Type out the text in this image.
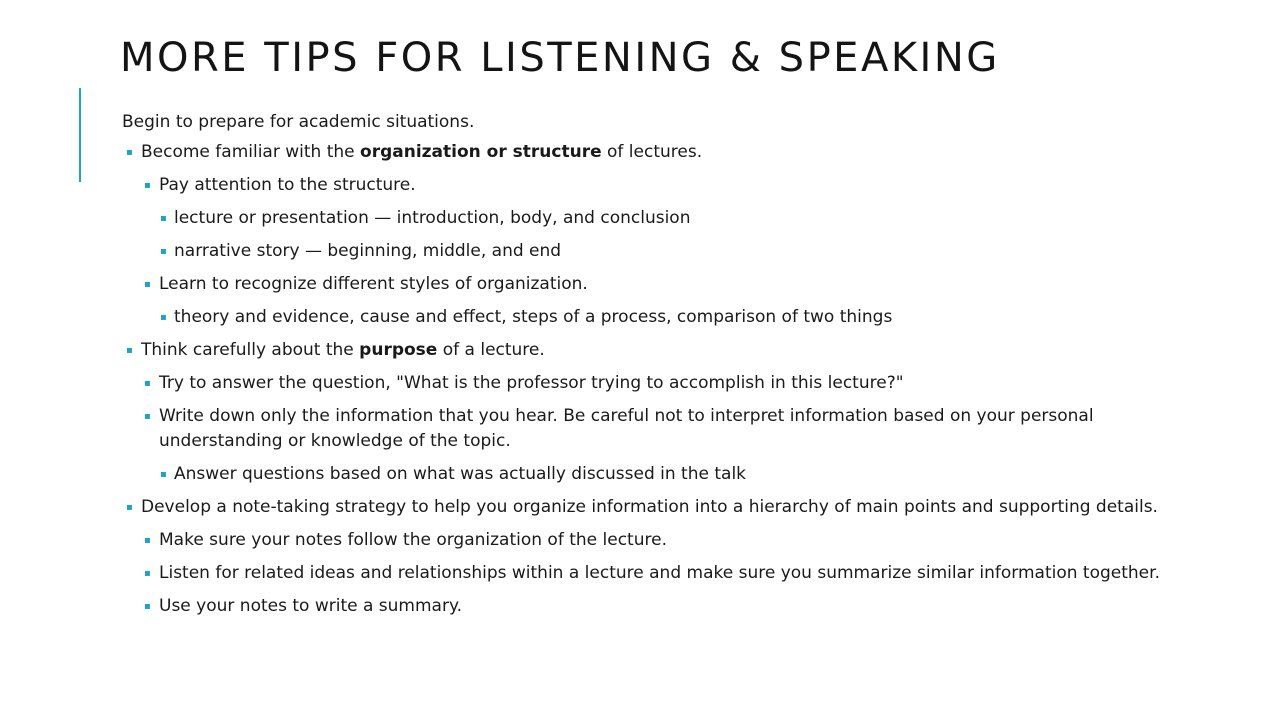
MORE TIPS FOR LISTENING & SPEAKING

Begin to prepare for academic situations.

▪ Become familiar with the organization or structure of lectures.
▪ Pay attention to the structure.
▪ lecture or presentation — introduction, body, and conclusion
▪ narrative story — beginning, middle, and end
▪ Learn to recognize different styles of organization.
▪ theory and evidence, cause and effect, steps of a process, comparison of two things
▪ Think carefully about the purpose of a lecture.
▪ Try to answer the question, "What is the professor trying to accomplish in this lecture?"
▪ Write down only the information that you hear. Be careful not to interpret information based on your personal understanding or knowledge of the topic.
▪ Answer questions based on what was actually discussed in the talk
▪ Develop a note-taking strategy to help you organize information into a hierarchy of main points and supporting details.
▪ Make sure your notes follow the organization of the lecture.
▪ Listen for related ideas and relationships within a lecture and make sure you summarize similar information together.
▪ Use your notes to write a summary.
